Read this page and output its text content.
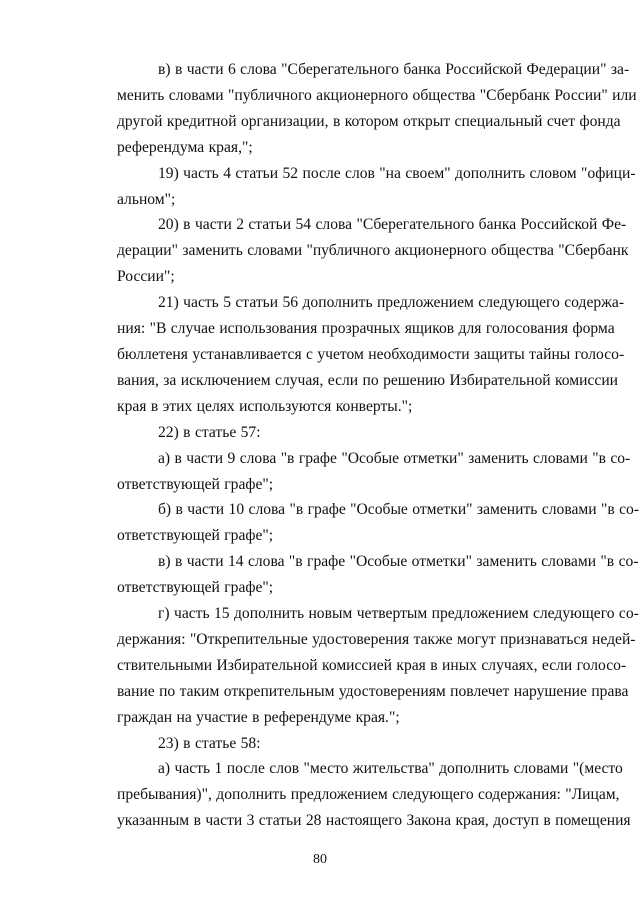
в) в части 6 слова "Сберегательного банка Российской Федерации" за-
менить словами "публичного акционерного общества "Сбербанк России" или
другой кредитной организации, в котором открыт специальный счет фонда
референдума края,";
19) часть 4 статьи 52 после слов "на своем" дополнить словом "офици-
альном";
20) в части 2 статьи 54 слова "Сберегательного банка Российской Фе-
дерации" заменить словами "публичного акционерного общества "Сбербанк
России";
21) часть 5 статьи 56 дополнить предложением следующего содержа-
ния: "В случае использования прозрачных ящиков для голосования форма
бюллетеня устанавливается с учетом необходимости защиты тайны голосо-
вания, за исключением случая, если по решению Избирательной комиссии
края в этих целях используются конверты.";
22) в статье 57:
а) в части 9 слова "в графе "Особые отметки" заменить словами "в со-
ответствующей графе";
б) в части 10 слова "в графе "Особые отметки" заменить словами "в со-
ответствующей графе";
в) в части 14 слова "в графе "Особые отметки" заменить словами "в со-
ответствующей графе";
г) часть 15 дополнить новым четвертым предложением следующего со-
держания: "Открепительные удостоверения также могут признаваться недей-
ствительными Избирательной комиссией края в иных случаях, если голосо-
вание по таким открепительным удостоверениям повлечет нарушение права
граждан на участие в референдуме края.";
23) в статье 58:
а) часть 1 после слов "место жительства" дополнить словами "(место
пребывания)", дополнить предложением следующего содержания: "Лицам,
указанным в части 3 статьи 28 настоящего Закона края, доступ в помещения
80
